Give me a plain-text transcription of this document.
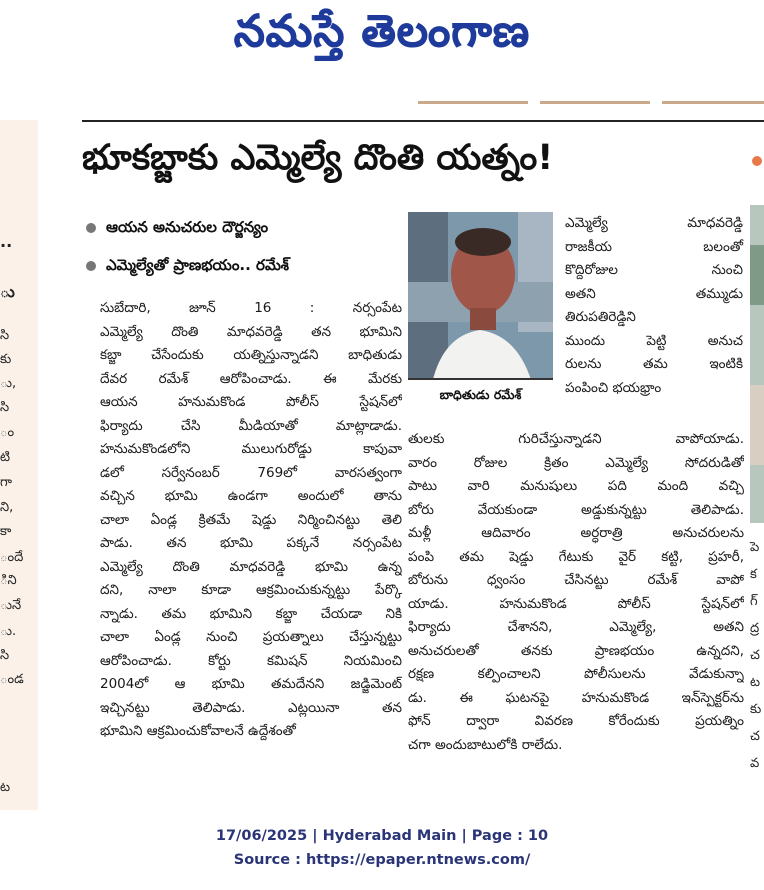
నమస్తే తెలంగాణ
..
ు
సి
కు
ు,
సి
ం
టి
గా
ని,
కా
ందే
ిని
ునే
ు.
సి
ండ
ట
భూకబ్జాకు ఎమ్మెల్యే దొంతి యత్నం!
ఆయన అనుచరుల దౌర్జన్యం
ఎమ్మెల్యేతో ప్రాణభయం.. రమేశ్
సుబేదారి, జూన్ 16 : నర్సంపేట
ఎమ్మెల్యే దొంతి మాధవరెడ్డి తన భూమిని
కబ్జా చేసేందుకు యత్నిస్తున్నాడని బాధితుడు
దేవర రమేశ్ ఆరోపించాడు. ఈ మేరకు
ఆయన హనుమకొండ పోలీస్ స్టేషన్‌లో
ఫిర్యాదు చేసి మీడియాతో మాట్లాడాడు.
హనుమకొండలోని ములుగురోడ్డు కాపువా
డలో సర్వేనంబర్ 769లో వారసత్వంగా
వచ్చిన భూమి ఉండగా అందులో తాను
చాలా ఏండ్ల క్రితమే షెడ్డు నిర్మించినట్టు తెలి
పాడు. తన భూమి పక్కనే నర్సంపేట
ఎమ్మెల్యే దొంతి మాధవరెడ్డి భూమి ఉన్న
దని, నాలా కూడా ఆక్రమించుకున్నట్టు పేర్కొ
న్నాడు. తమ భూమిని కబ్జా చేయడా నికి
చాలా ఏండ్ల నుంచి ప్రయత్నాలు చేస్తున్నట్టు
ఆరోపించాడు. కోర్టు కమిషన్ నియమించి
2004లో ఆ భూమి తమదేనని జడ్జిమెంట్
ఇచ్చినట్టు తెలిపాడు. ఎట్లయినా తన
భూమిని ఆక్రమించుకోవాలనే ఉద్దేశంతో
బాధితుడు రమేశ్
ఎమ్మెల్యే మాధవరెడ్డి
రాజకీయ బలంతో
కొద్దిరోజుల నుంచి
అతని తమ్ముడు
తిరుపతిరెడ్డిని
ముందు పెట్టి అనుచ
రులను తమ ఇంటికి
పంపించి భయభ్రాం
తులకు గురిచేస్తున్నాడని వాపోయాడు.
వారం రోజుల క్రితం ఎమ్మెల్యే సోదరుడితో
పాటు వారి మనుషులు పది మంది వచ్చి
బోరు వేయకుండా అడ్డుకున్నట్టు తెలిపాడు.
మళ్లీ ఆదివారం అర్ధరాత్రి అనుచరులను
పంపి తమ షెడ్డు గేటుకు వైర్ కట్టి, ప్రహరీ,
బోరును ధ్వంసం చేసినట్టు రమేశ్ వాపో
యాడు. హనుమకొండ పోలీస్ స్టేషన్‌లో
ఫిర్యాదు చేశానని, ఎమ్మెల్యే, అతని
అనుచరులతో తనకు ప్రాణభయం ఉన్నదని,
రక్షణ కల్పించాలని పోలీసులను వేడుకున్నా
డు. ఈ ఘటనపై హనుమకొండ ఇన్‌స్పెక్టర్‌ను
ఫోన్ ద్వారా వివరణ కోరేందుకు ప్రయత్నిం
చగా అందుబాటులోకి రాలేదు.
పె
క
గ్
ద్ర
చ
ట
కు
చ
వ
17/06/2025 | Hyderabad Main | Page : 10
Source : https://epaper.ntnews.com/
